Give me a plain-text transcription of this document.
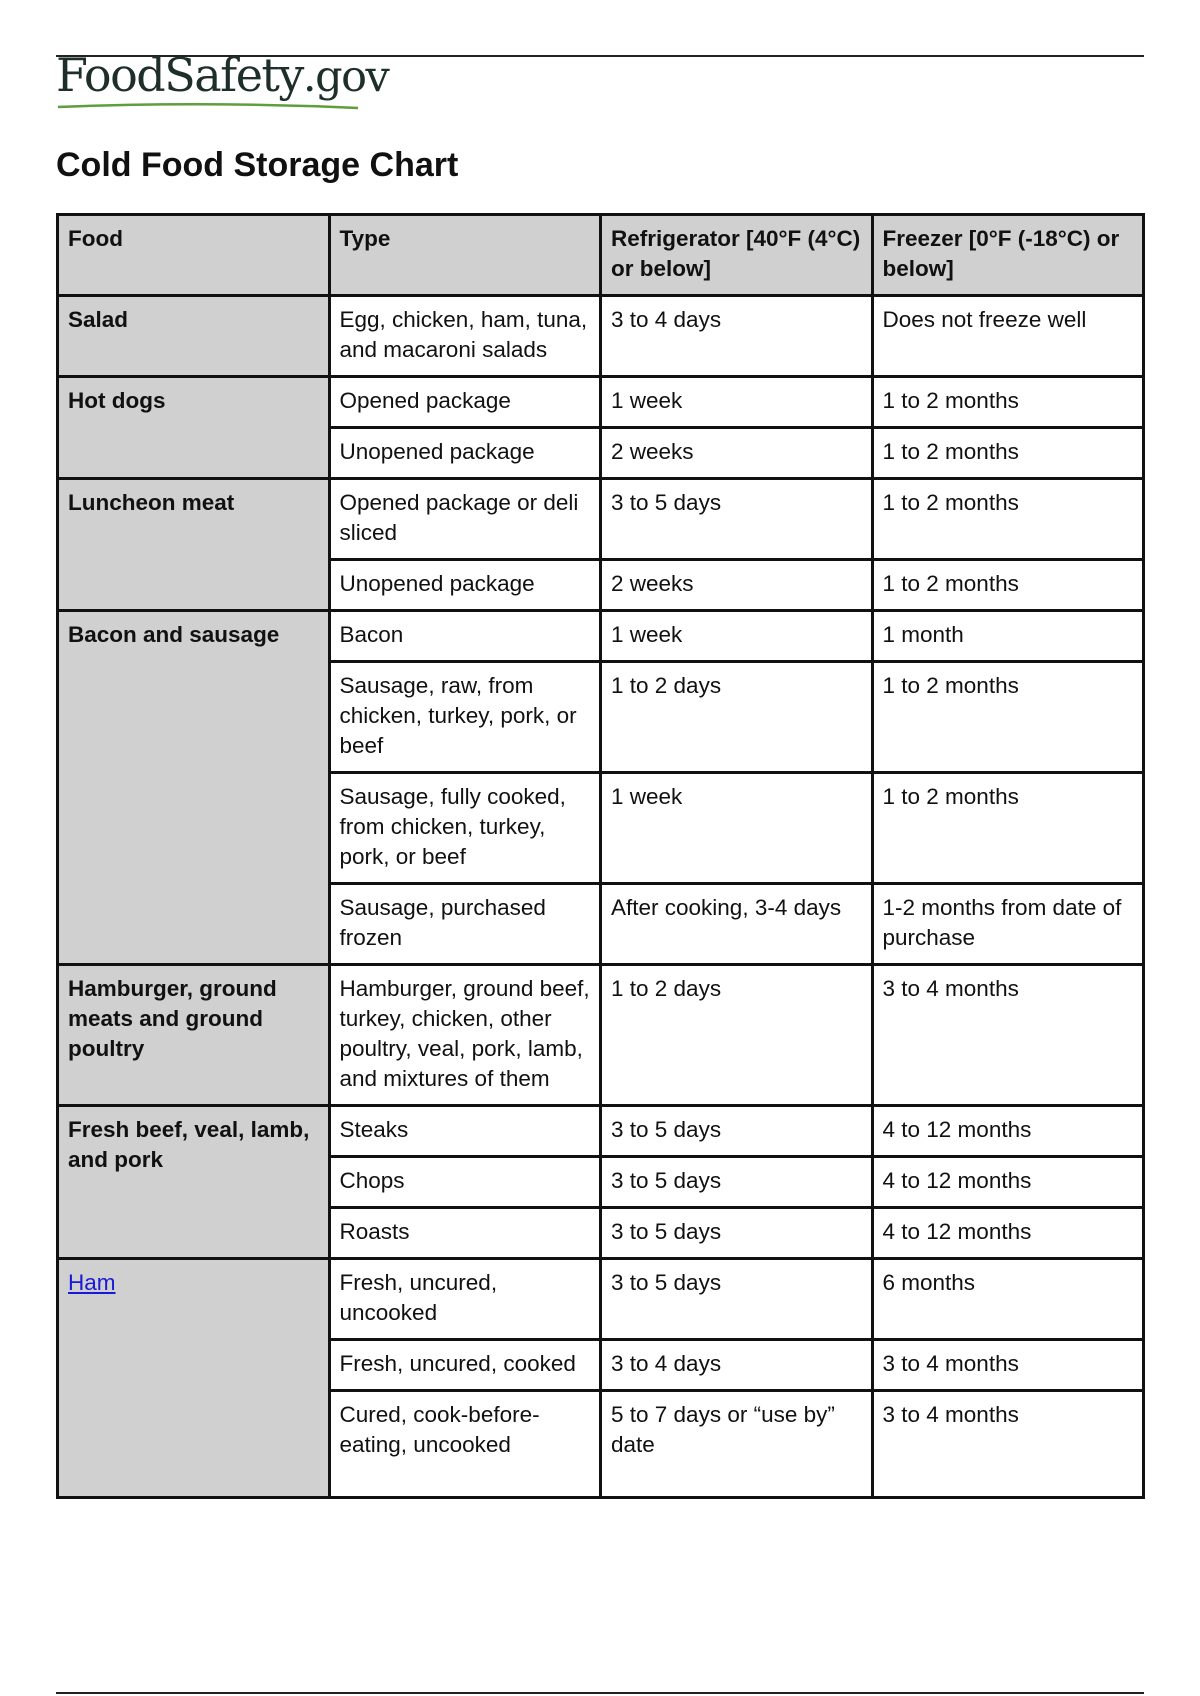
FoodSafety.gov
Cold Food Storage Chart
Food	Type	Refrigerator [40°F (4°C) or below]	Freezer [0°F (-18°C) or below]
Salad	Egg, chicken, ham, tuna, and macaroni salads	3 to 4 days	Does not freeze well
Hot dogs	Opened package	1 week	1 to 2 months
	Unopened package	2 weeks	1 to 2 months
Luncheon meat	Opened package or deli sliced	3 to 5 days	1 to 2 months
	Unopened package	2 weeks	1 to 2 months
Bacon and sausage	Bacon	1 week	1 month
	Sausage, raw, from chicken, turkey, pork, or beef	1 to 2 days	1 to 2 months
	Sausage, fully cooked, from chicken, turkey, pork, or beef	1 week	1 to 2 months
	Sausage, purchased frozen	After cooking, 3-4 days	1-2 months from date of purchase
Hamburger, ground meats and ground poultry	Hamburger, ground beef, turkey, chicken, other poultry, veal, pork, lamb, and mixtures of them	1 to 2 days	3 to 4 months
Fresh beef, veal, lamb, and pork	Steaks	3 to 5 days	4 to 12 months
	Chops	3 to 5 days	4 to 12 months
	Roasts	3 to 5 days	4 to 12 months
Ham	Fresh, uncured, uncooked	3 to 5 days	6 months
	Fresh, uncured, cooked	3 to 4 days	3 to 4 months
	Cured, cook-before-eating, uncooked	5 to 7 days or “use by” date	3 to 4 months
